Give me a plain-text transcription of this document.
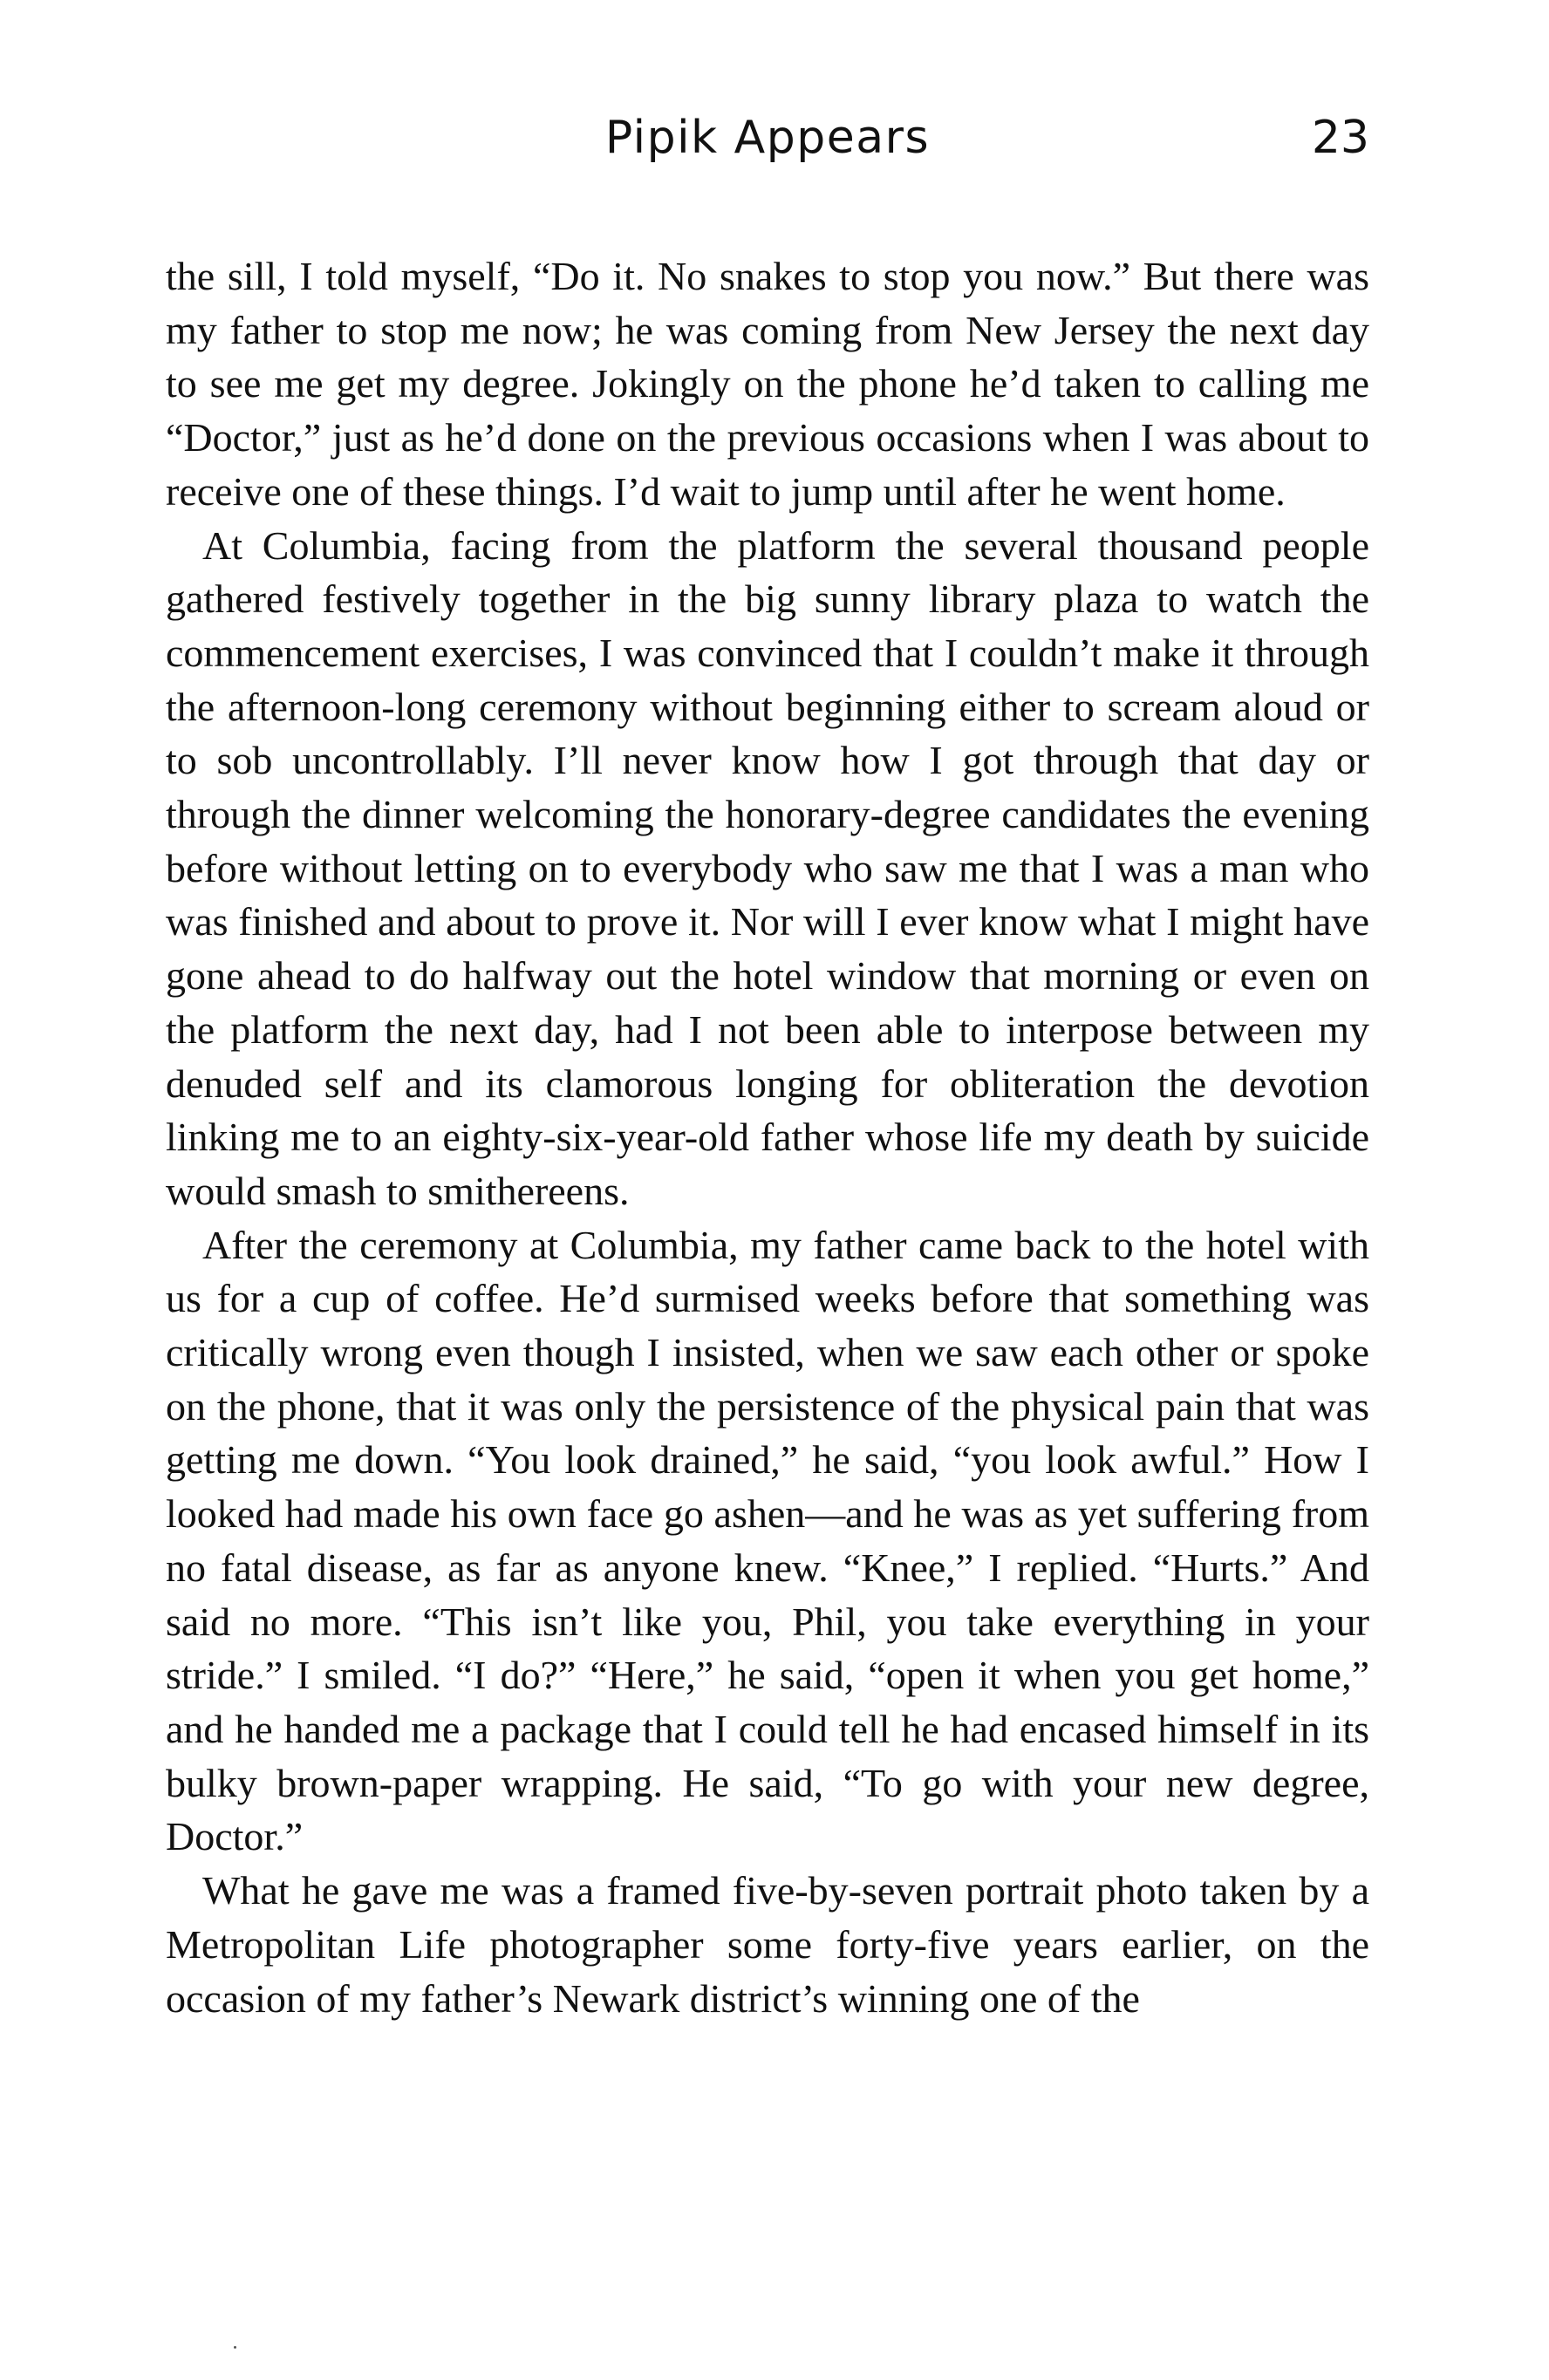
Pipik Appears	23

the sill, I told myself, “Do it. No snakes to stop you now.” But there was my father to stop me now; he was coming from New Jersey the next day to see me get my degree. Jokingly on the phone he’d taken to calling me “Doctor,” just as he’d done on the previous occasions when I was about to receive one of these things. I’d wait to jump until after he went home.

At Columbia, facing from the platform the several thousand people gathered festively together in the big sunny library plaza to watch the commencement exercises, I was convinced that I couldn’t make it through the afternoon-long ceremony without beginning either to scream aloud or to sob uncontrollably. I’ll never know how I got through that day or through the dinner welcoming the honorary-degree candidates the evening before without letting on to everybody who saw me that I was a man who was finished and about to prove it. Nor will I ever know what I might have gone ahead to do halfway out the hotel window that morning or even on the platform the next day, had I not been able to interpose between my denuded self and its clamorous longing for obliteration the devotion linking me to an eighty-six-year-old father whose life my death by suicide would smash to smithereens.

After the ceremony at Columbia, my father came back to the hotel with us for a cup of coffee. He’d surmised weeks before that something was critically wrong even though I insisted, when we saw each other or spoke on the phone, that it was only the persistence of the physical pain that was getting me down. “You look drained,” he said, “you look awful.” How I looked had made his own face go ashen—and he was as yet suffering from no fatal disease, as far as anyone knew. “Knee,” I replied. “Hurts.” And said no more. “This isn’t like you, Phil, you take everything in your stride.” I smiled. “I do?” “Here,” he said, “open it when you get home,” and he handed me a package that I could tell he had encased himself in its bulky brown-paper wrapping. He said, “To go with your new degree, Doctor.”

What he gave me was a framed five-by-seven portrait photo taken by a Metropolitan Life photographer some forty-five years earlier, on the occasion of my father’s Newark district’s winning one of the
